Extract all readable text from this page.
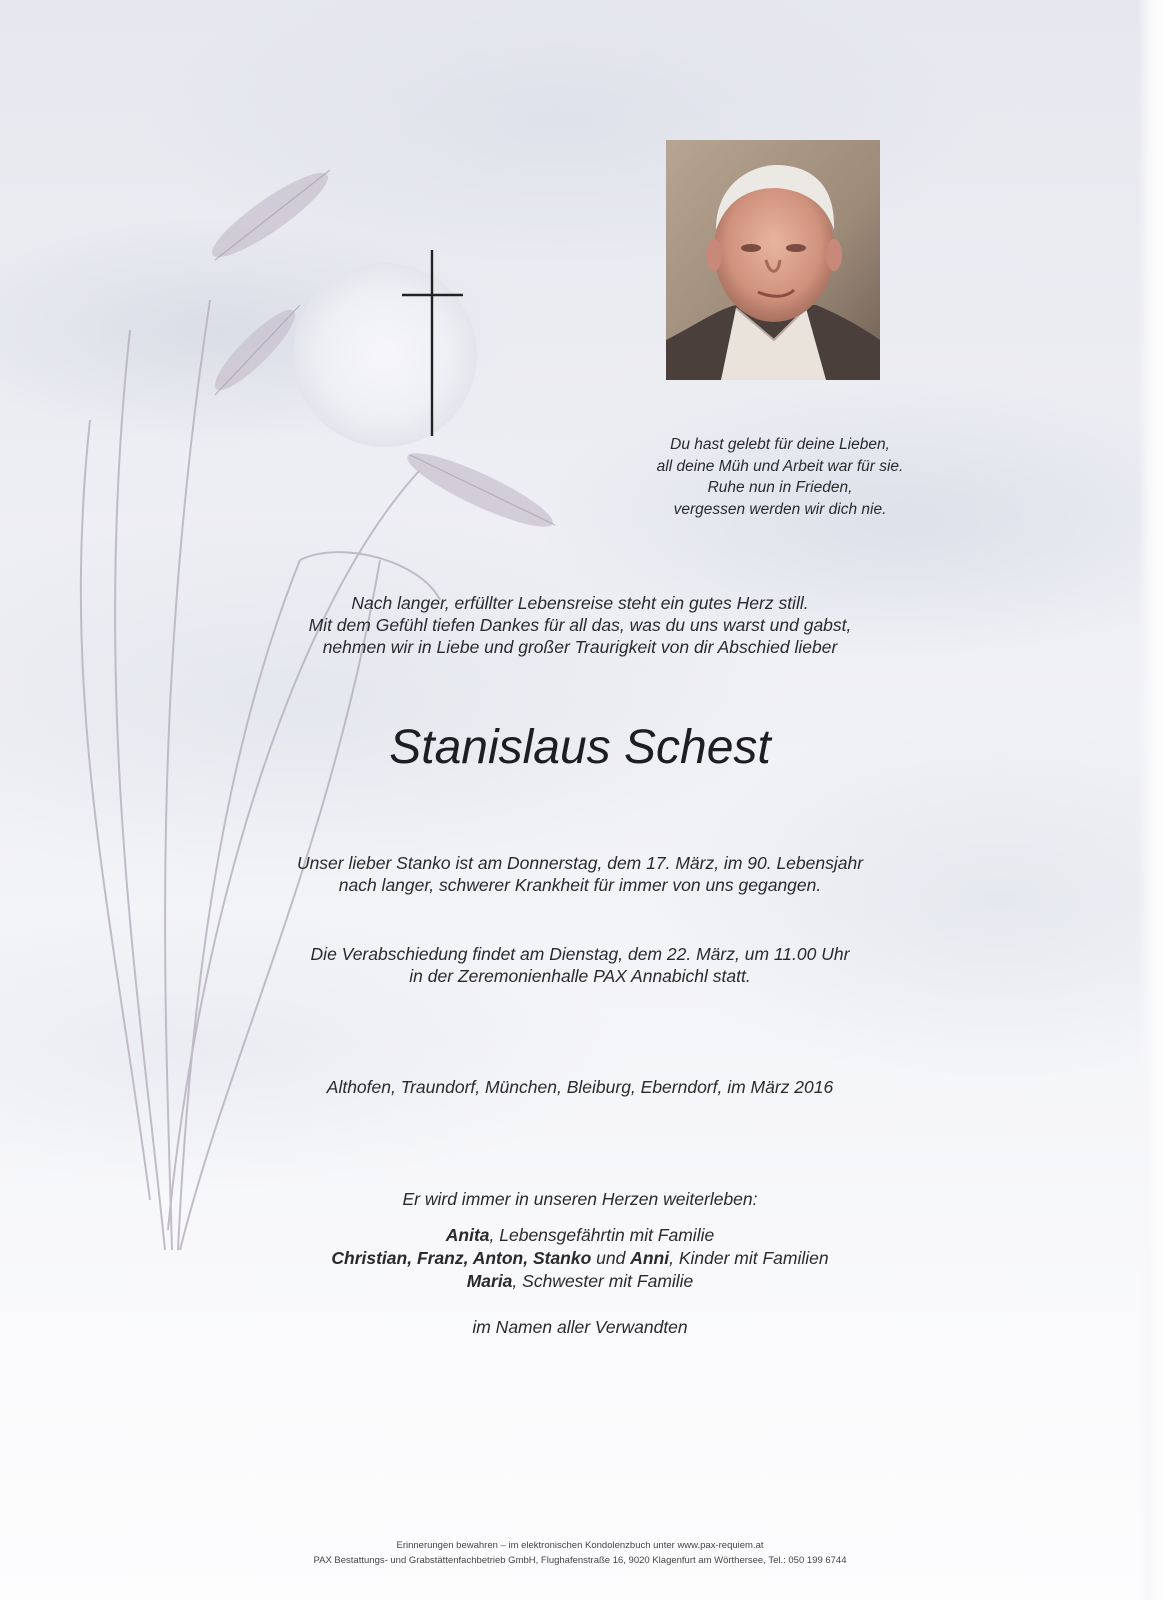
Du hast gelebt für deine Lieben,
all deine Müh und Arbeit war für sie.
Ruhe nun in Frieden,
vergessen werden wir dich nie.
Nach langer, erfüllter Lebensreise steht ein gutes Herz still.
Mit dem Gefühl tiefen Dankes für all das, was du uns warst und gabst,
nehmen wir in Liebe und großer Traurigkeit von dir Abschied lieber
Stanislaus Schest
Unser lieber Stanko ist am Donnerstag, dem 17. März, im 90. Lebensjahr
nach langer, schwerer Krankheit für immer von uns gegangen.
Die Verabschiedung findet am Dienstag, dem 22. März, um 11.00 Uhr
in der Zeremonienhalle PAX Annabichl statt.
Althofen, Traundorf, München, Bleiburg, Eberndorf, im März 2016
Er wird immer in unseren Herzen weiterleben:
Anita, Lebensgefährtin mit Familie
Christian, Franz, Anton, Stanko und Anni, Kinder mit Familien
Maria, Schwester mit Familie
im Namen aller Verwandten
Erinnerungen bewahren – im elektronischen Kondolenzbuch unter www.pax-requiem.at
PAX Bestattungs- und Grabstättenfachbetrieb GmbH, Flughafenstraße 16, 9020 Klagenfurt am Wörthersee, Tel.: 050 199 6744
